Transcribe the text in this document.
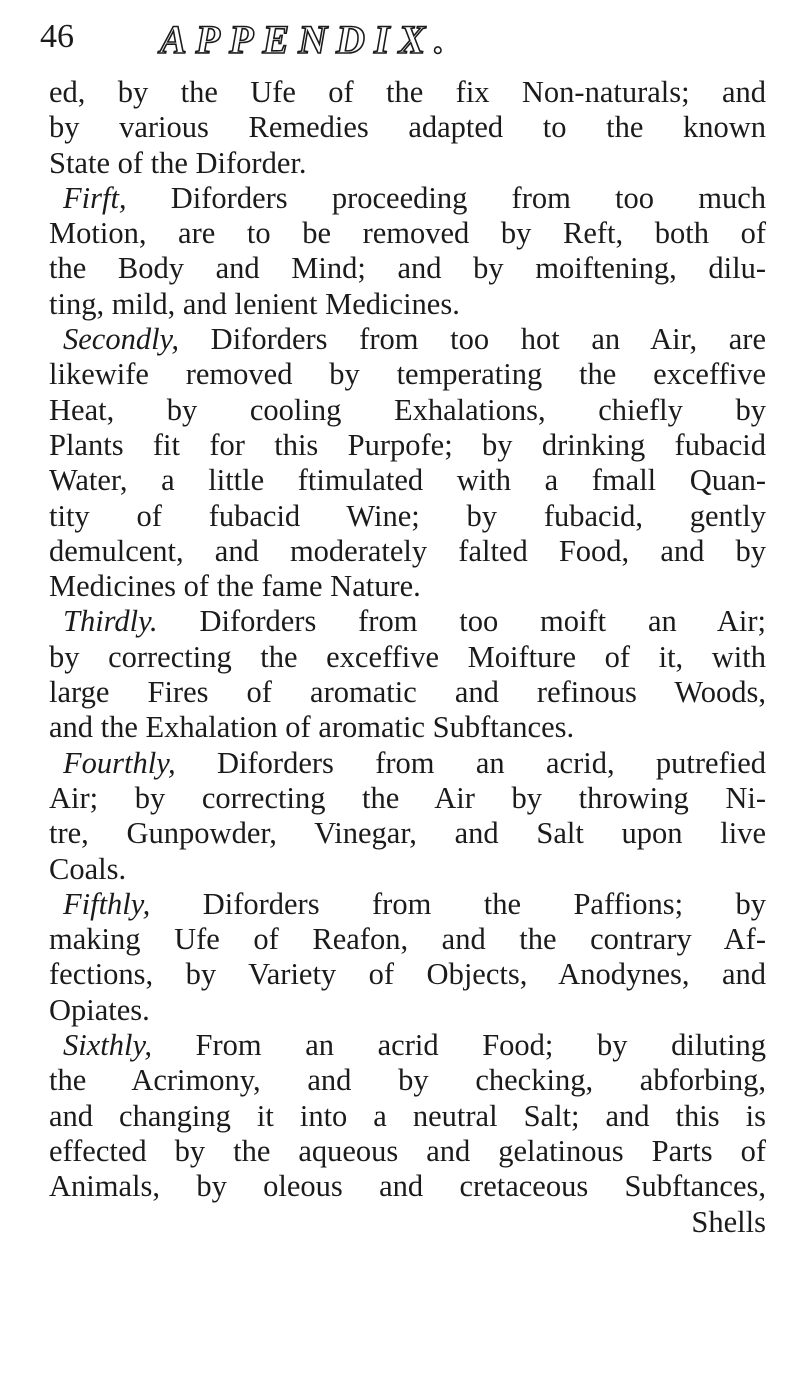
46 APPENDIX.
ed, by the Ufe of the fix Non-naturals; and
by various Remedies adapted to the known
State of the Diforder.
Firft, Diforders proceeding from too much
Motion, are to be removed by Reft, both of
the Body and Mind; and by moiftening, dilu-
ting, mild, and lenient Medicines.
Secondly, Diforders from too hot an Air, are
likewife removed by temperating the exceffive
Heat, by cooling Exhalations, chiefly by
Plants fit for this Purpofe; by drinking fubacid
Water, a little ftimulated with a fmall Quan-
tity of fubacid Wine; by fubacid, gently
demulcent, and moderately falted Food, and by
Medicines of the fame Nature.
Thirdly. Diforders from too moift an Air;
by correcting the exceffive Moifture of it, with
large Fires of aromatic and refinous Woods,
and the Exhalation of aromatic Subftances.
Fourthly, Diforders from an acrid, putrefied
Air; by correcting the Air by throwing Ni-
tre, Gunpowder, Vinegar, and Salt upon live
Coals.
Fifthly, Diforders from the Paffions; by
making Ufe of Reafon, and the contrary Af-
fections, by Variety of Objects, Anodynes, and
Opiates.
Sixthly, From an acrid Food; by diluting
the Acrimony, and by checking, abforbing,
and changing it into a neutral Salt; and this is
effected by the aqueous and gelatinous Parts of
Animals, by oleous and cretaceous Subftances,
Shells
